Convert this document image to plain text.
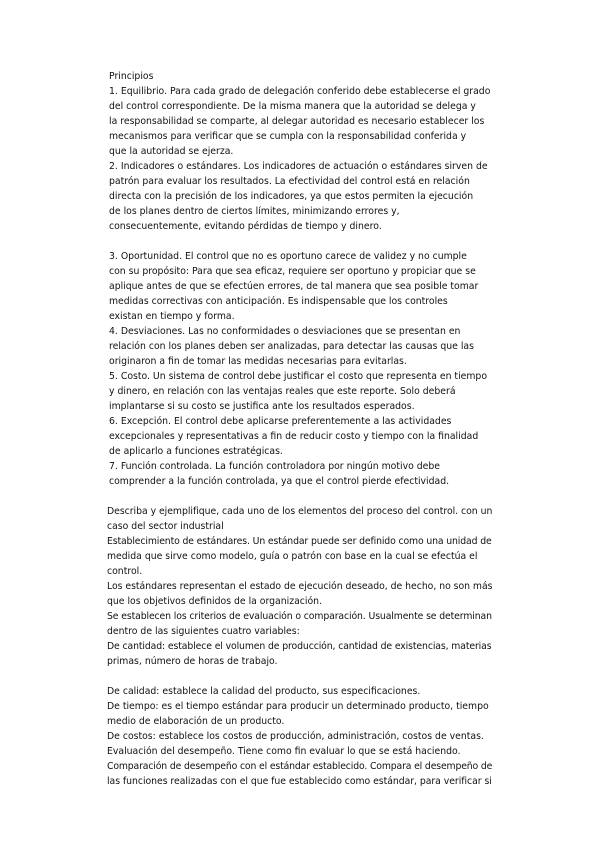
Principios
1. Equilibrio. Para cada grado de delegación conferido debe establecerse el grado
del control correspondiente. De la misma manera que la autoridad se delega y
la responsabilidad se comparte, al delegar autoridad es necesario establecer los
mecanismos para verificar que se cumpla con la responsabilidad conferida y
que la autoridad se ejerza.
2. Indicadores o estándares. Los indicadores de actuación o estándares sirven de
patrón para evaluar los resultados. La efectividad del control está en relación
directa con la precisión de los indicadores, ya que estos permiten la ejecución
de los planes dentro de ciertos límites, minimizando errores y,
consecuentemente, evitando pérdidas de tiempo y dinero.
3. Oportunidad. El control que no es oportuno carece de validez y no cumple
con su propósito: Para que sea eficaz, requiere ser oportuno y propiciar que se
aplique antes de que se efectúen errores, de tal manera que sea posible tomar
medidas correctivas con anticipación. Es indispensable que los controles
existan en tiempo y forma.
4. Desviaciones. Las no conformidades o desviaciones que se presentan en
relación con los planes deben ser analizadas, para detectar las causas que las
originaron a fin de tomar las medidas necesarias para evitarlas.
5. Costo. Un sistema de control debe justificar el costo que representa en tiempo
y dinero, en relación con las ventajas reales que este reporte. Solo deberá
implantarse si su costo se justifica ante los resultados esperados.
6. Excepción. El control debe aplicarse preferentemente a las actividades
excepcionales y representativas a fin de reducir costo y tiempo con la finalidad
de aplicarlo a funciones estratégicas.
7. Función controlada. La función controladora por ningún motivo debe
comprender a la función controlada, ya que el control pierde efectividad.
Describa y ejemplifique, cada uno de los elementos del proceso del control. con un
caso del sector industrial
Establecimiento de estándares. Un estándar puede ser definido como una unidad de
medida que sirve como modelo, guía o patrón con base en la cual se efectúa el
control.
Los estándares representan el estado de ejecución deseado, de hecho, no son más
que los objetivos definidos de la organización.
Se establecen los criterios de evaluación o comparación. Usualmente se determinan
dentro de las siguientes cuatro variables:
De cantidad: establece el volumen de producción, cantidad de existencias, materias
primas, número de horas de trabajo.
De calidad: establece la calidad del producto, sus especificaciones.
De tiempo: es el tiempo estándar para producir un determinado producto, tiempo
medio de elaboración de un producto.
De costos: establece los costos de producción, administración, costos de ventas.
Evaluación del desempeño. Tiene como fin evaluar lo que se está haciendo.
Comparación de desempeño con el estándar establecido. Compara el desempeño de
las funciones realizadas con el que fue establecido como estándar, para verificar si
